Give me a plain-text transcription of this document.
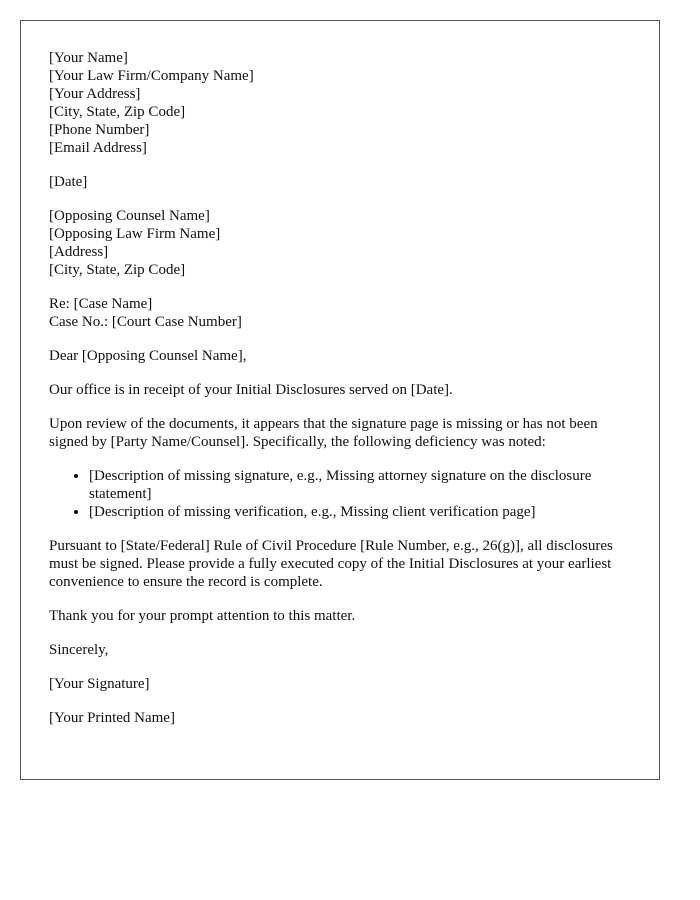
[Your Name]
[Your Law Firm/Company Name]
[Your Address]
[City, State, Zip Code]
[Phone Number]
[Email Address]

[Date]

[Opposing Counsel Name]
[Opposing Law Firm Name]
[Address]
[City, State, Zip Code]
Re: [Case Name]
Case No.: [Court Case Number]

Dear [Opposing Counsel Name],

Our office is in receipt of your Initial Disclosures served on [Date].

Upon review of the documents, it appears that the signature page is missing or has not been signed by [Party Name/Counsel]. Specifically, the following deficiency was noted:

• [Description of missing signature, e.g., Missing attorney signature on the disclosure statement]
• [Description of missing verification, e.g., Missing client verification page]

Pursuant to [State/Federal] Rule of Civil Procedure [Rule Number, e.g., 26(g)], all disclosures must be signed. Please provide a fully executed copy of the Initial Disclosures at your earliest convenience to ensure the record is complete.

Thank you for your prompt attention to this matter.

Sincerely,

[Your Signature]

[Your Printed Name]
